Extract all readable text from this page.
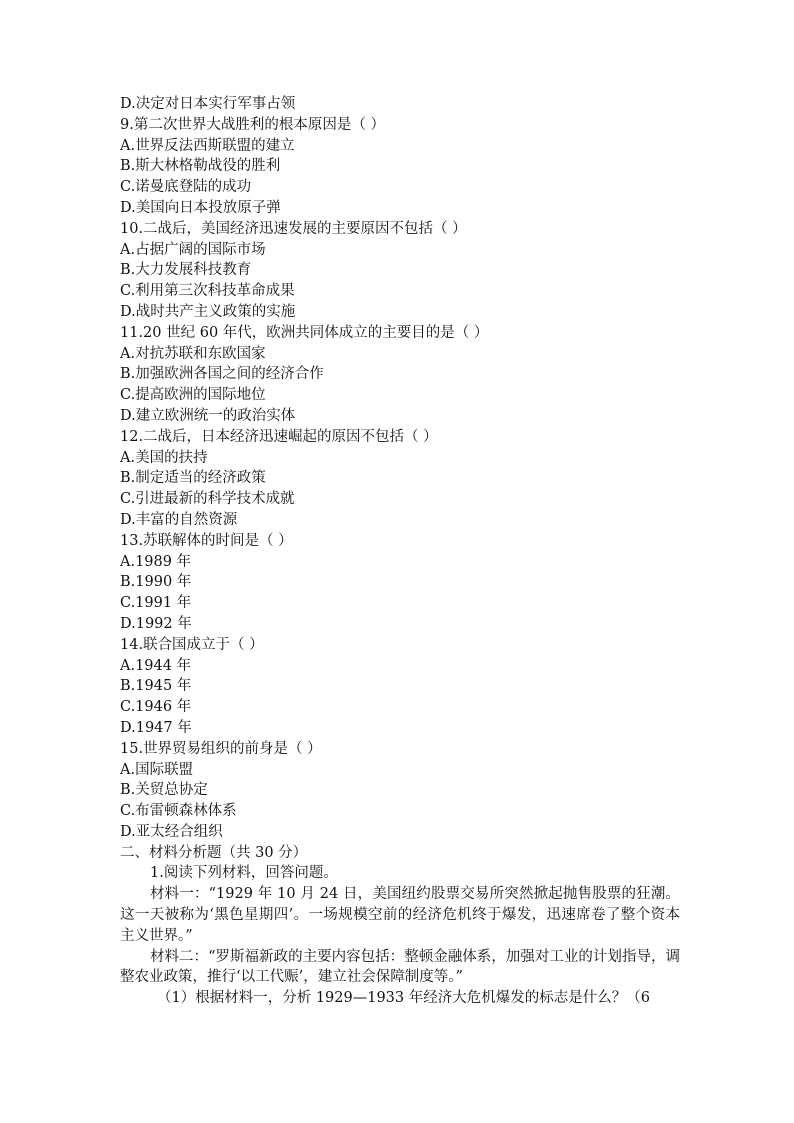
D.决定对日本实行军事占领
9.第二次世界大战胜利的根本原因是（ ）
A.世界反法西斯联盟的建立
B.斯大林格勒战役的胜利
C.诺曼底登陆的成功
D.美国向日本投放原子弹
10.二战后，美国经济迅速发展的主要原因不包括（ ）
A.占据广阔的国际市场
B.大力发展科技教育
C.利用第三次科技革命成果
D.战时共产主义政策的实施
11.20 世纪 60 年代，欧洲共同体成立的主要目的是（ ）
A.对抗苏联和东欧国家
B.加强欧洲各国之间的经济合作
C.提高欧洲的国际地位
D.建立欧洲统一的政治实体
12.二战后，日本经济迅速崛起的原因不包括（ ）
A.美国的扶持
B.制定适当的经济政策
C.引进最新的科学技术成就
D.丰富的自然资源
13.苏联解体的时间是（ ）
A.1989 年
B.1990 年
C.1991 年
D.1992 年
14.联合国成立于（ ）
A.1944 年
B.1945 年
C.1946 年
D.1947 年
15.世界贸易组织的前身是（ ）
A.国际联盟
B.关贸总协定
C.布雷顿森林体系
D.亚太经合组织
二、材料分析题（共 30 分）
1.阅读下列材料，回答问题。
材料一：“1929 年 10 月 24 日，美国纽约股票交易所突然掀起抛售股票的狂潮。这一天被称为‘黑色星期四’。一场规模空前的经济危机终于爆发，迅速席卷了整个资本主义世界。”
材料二：“罗斯福新政的主要内容包括：整顿金融体系，加强对工业的计划指导，调整农业政策，推行‘以工代赈’，建立社会保障制度等。”
（1）根据材料一，分析 1929—1933 年经济大危机爆发的标志是什么？（6
